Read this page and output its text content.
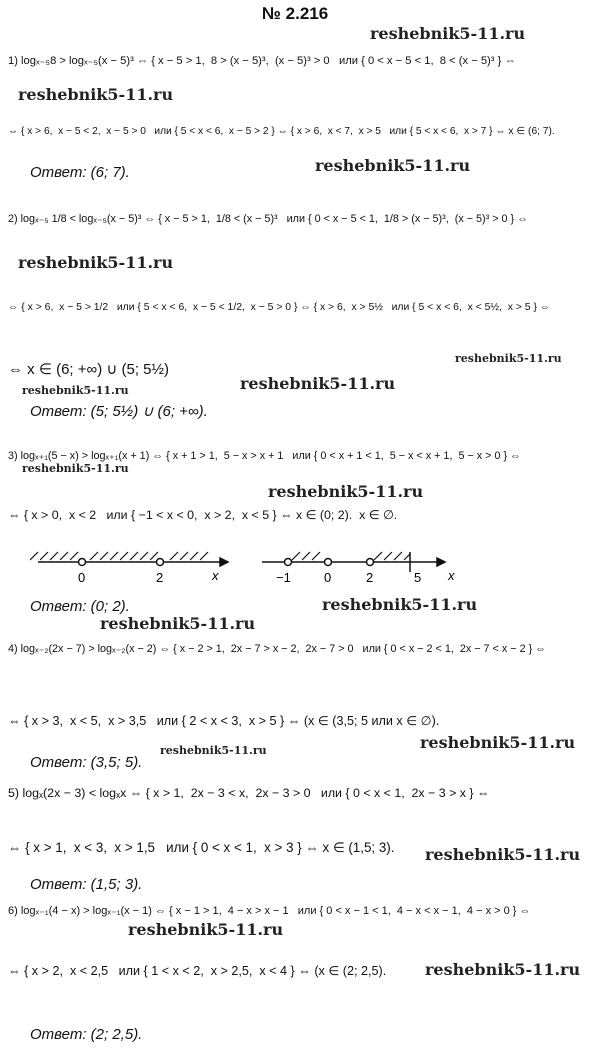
№ 2.216
reshebnik5-11.ru
reshebnik5-11.ru
reshebnik5-11.ru
reshebnik5-11.ru
reshebnik5-11.ru
reshebnik5-11.ru	reshebnik5-11.ru
reshebnik5-11.ru
reshebnik5-11.ru
reshebnik5-11.ru
reshebnik5-11.ru
reshebnik5-11.ru
reshebnik5-11.ru
reshebnik5-11.ru
reshebnik5-11.ru
reshebnik5-11.ru
1) logₓ₋₅8 > logₓ₋₅(x − 5)³ ⇔ { x − 5 > 1,  8 > (x − 5)³,  (x − 5)³ > 0   или { 0 < x − 5 < 1,  8 < (x − 5)³ } ⇔
⇔ { x > 6,  x − 5 < 2,  x − 5 > 0   или { 5 < x < 6,  x − 5 > 2 } ⇔ { x > 6,  x < 7,  x > 5   или { 5 < x < 6,  x > 7 } ⇔ x ∈ (6; 7).
Ответ: (6; 7).
2) logₓ₋₅ 1/8 < logₓ₋₅(x − 5)³ ⇔ { x − 5 > 1,  1/8 < (x − 5)³   или { 0 < x − 5 < 1,  1/8 > (x − 5)³,  (x − 5)³ > 0 } ⇔
⇔ { x > 6,  x − 5 > 1/2   или { 5 < x < 6,  x − 5 < 1/2,  x − 5 > 0 } ⇔ { x > 6,  x > 5½   или { 5 < x < 6,  x < 5½,  x > 5 } ⇔
⇔ x ∈ (6; +∞) ∪ (5; 5½)
Ответ: (5; 5½) ∪ (6; +∞).
3) logₓ₊₁(5 − x) > logₓ₊₁(x + 1) ⇔ { x + 1 > 1,  5 − x > x + 1   или { 0 < x + 1 < 1,  5 − x < x + 1,  5 − x > 0 } ⇔
⇔ { x > 0,  x < 2   или { −1 < x < 0,  x > 2,  x < 5 } ⇔ x ∈ (0; 2).  x ∈ ∅.
0	2	x	−1	0	2	5 x
Ответ: (0; 2).
4) logₓ₋₂(2x − 7) > logₓ₋₂(x − 2) ⇔ { x − 2 > 1,  2x − 7 > x − 2,  2x − 7 > 0   или { 0 < x − 2 < 1,  2x − 7 < x − 2 } ⇔
⇔ { x > 3,  x < 5,  x > 3,5   или { 2 < x < 3,  x > 5 } ⇔ (x ∈ (3,5; 5 или x ∈ ∅).
Ответ: (3,5; 5).
5) logₓ(2x − 3) < logₓx ⇔ { x > 1,  2x − 3 < x,  2x − 3 > 0   или { 0 < x < 1,  2x − 3 > x } ⇔
⇔ { x > 1,  x < 3,  x > 1,5   или { 0 < x < 1,  x > 3 } ⇔ x ∈ (1,5; 3).
Ответ: (1,5; 3).
6) logₓ₋₁(4 − x) > logₓ₋₁(x − 1) ⇔ { x − 1 > 1,  4 − x > x − 1   или { 0 < x − 1 < 1,  4 − x < x − 1,  4 − x > 0 } ⇔
⇔ { x > 2,  x < 2,5   или { 1 < x < 2,  x > 2,5,  x < 4 } ⇔ (x ∈ (2; 2,5).
Ответ: (2; 2,5).
